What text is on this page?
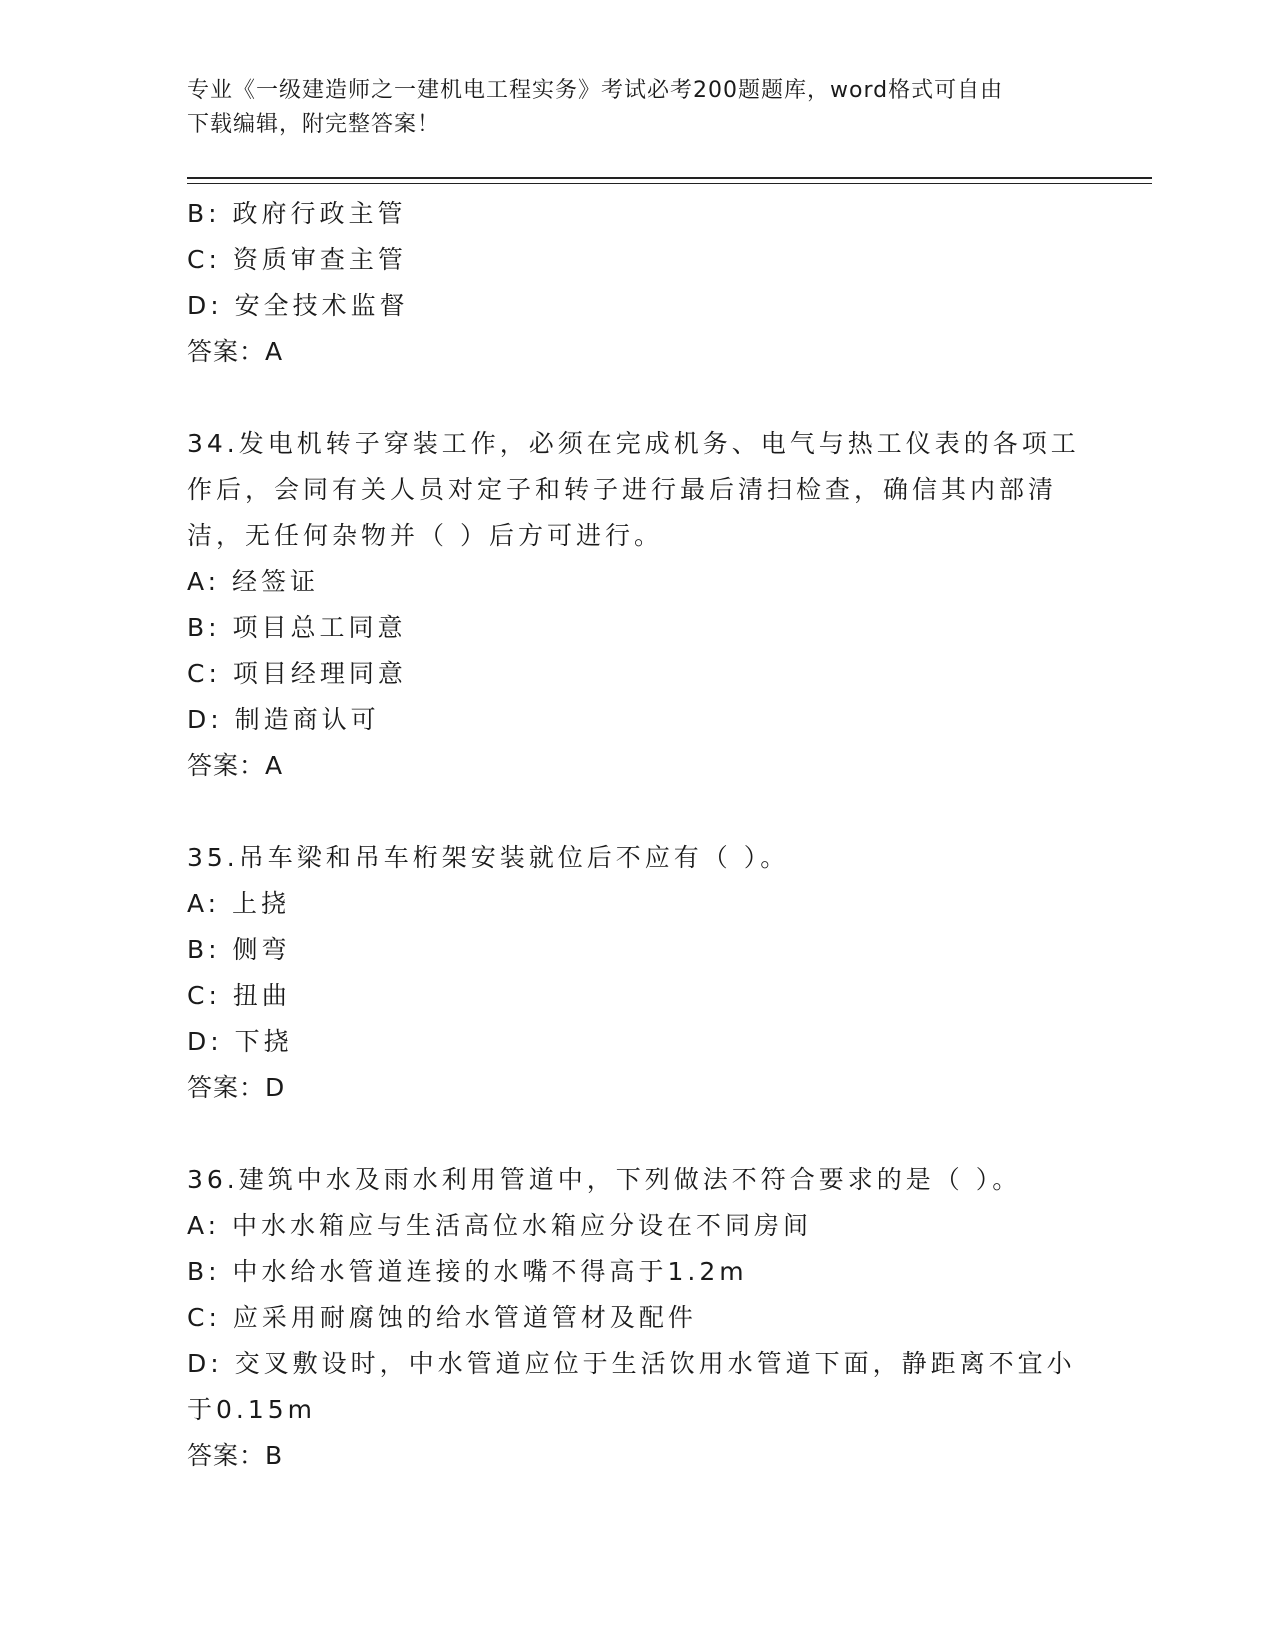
专业《一级建造师之一建机电工程实务》考试必考200题题库，word格式可自由
下载编辑，附完整答案！
B: 政府行政主管
C: 资质审查主管
D: 安全技术监督
答案：A
34.发电机转子穿装工作，必须在完成机务、电气与热工仪表的各项工
作后，会同有关人员对定子和转子进行最后清扫检查，确信其内部清
洁，无任何杂物并（ ）后方可进行。
A: 经签证
B: 项目总工同意
C: 项目经理同意
D: 制造商认可
答案：A
35.吊车梁和吊车桁架安装就位后不应有（ ）。
A: 上挠
B: 侧弯
C: 扭曲
D: 下挠
答案：D
36.建筑中水及雨水利用管道中，下列做法不符合要求的是（ ）。
A: 中水水箱应与生活高位水箱应分设在不同房间
B: 中水给水管道连接的水嘴不得高于1.2m
C: 应采用耐腐蚀的给水管道管材及配件
D: 交叉敷设时，中水管道应位于生活饮用水管道下面，静距离不宜小
于0.15m
答案：B
